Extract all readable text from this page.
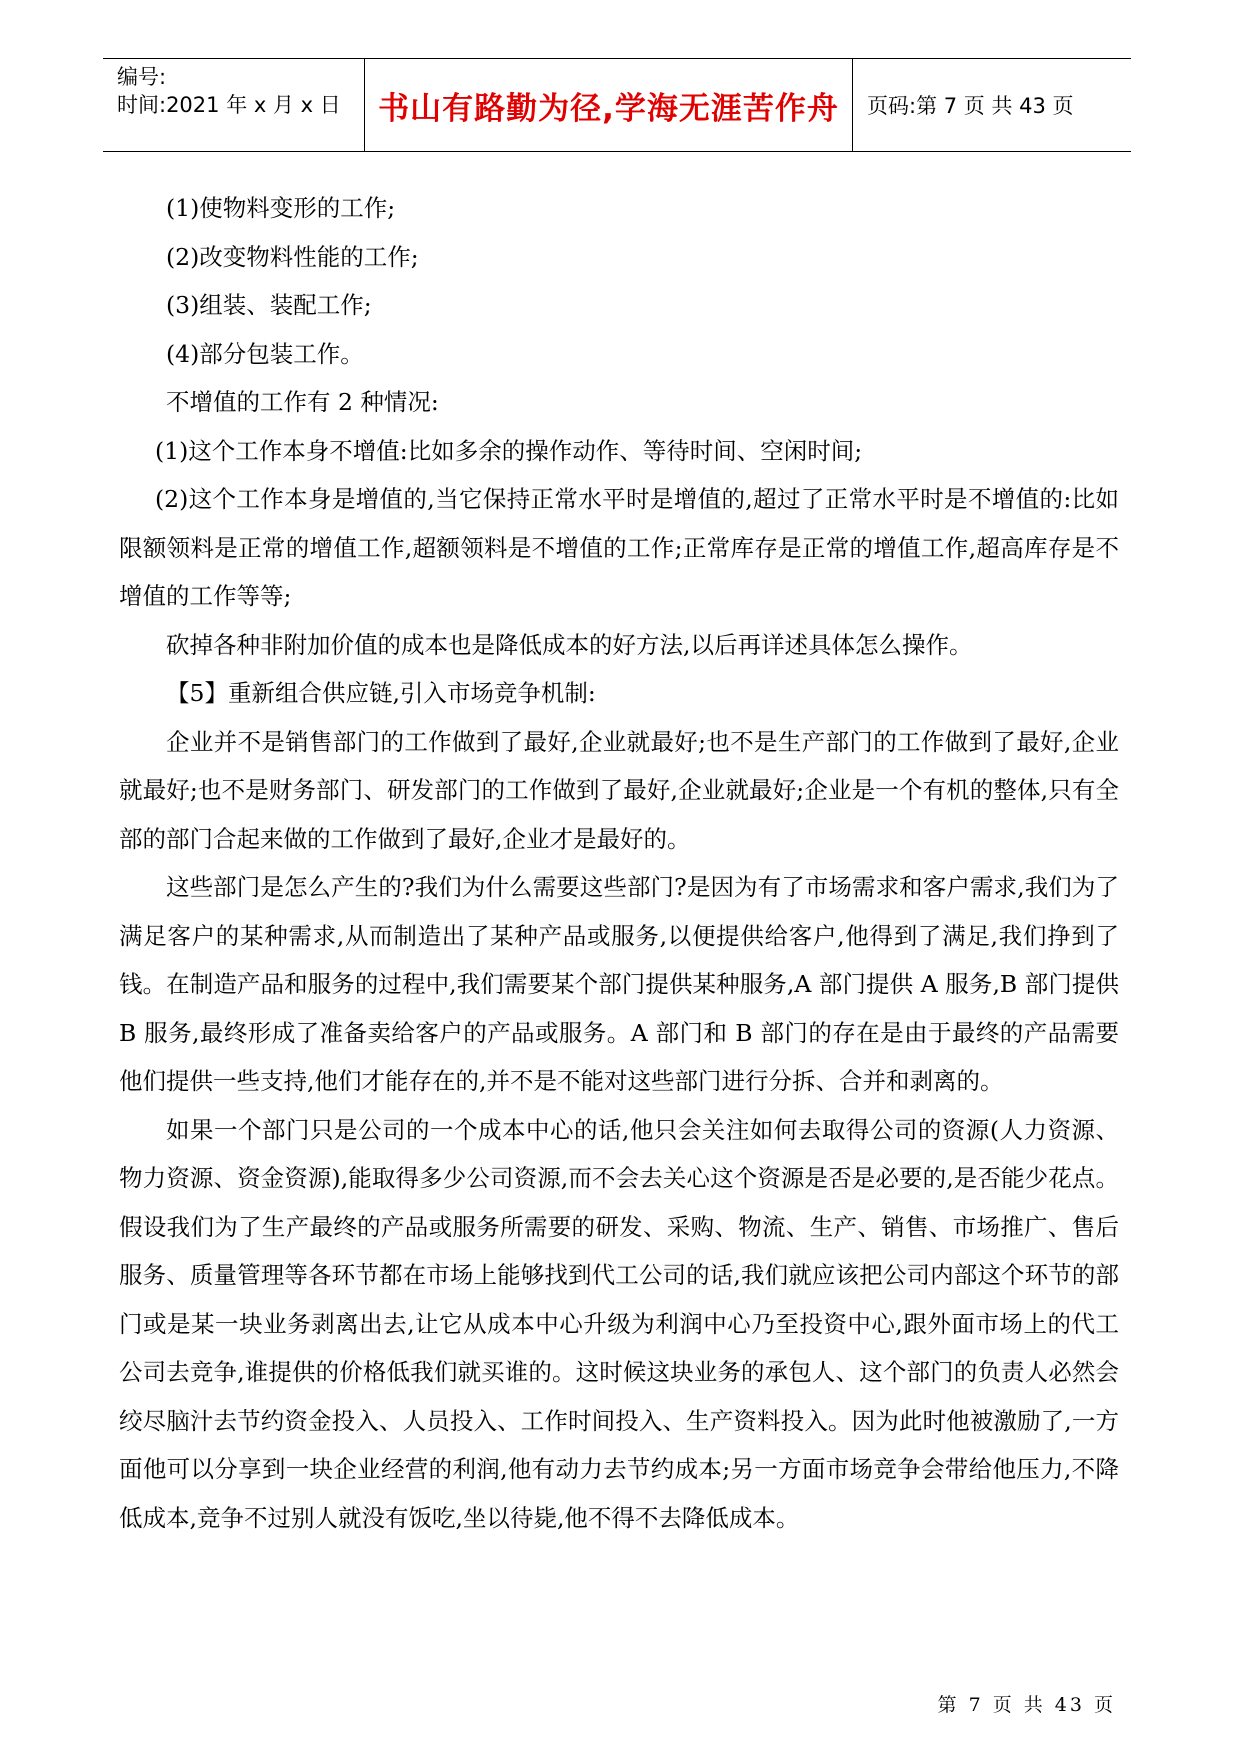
编号:
时间:2021 年 x 月 x 日	书山有路勤为径,学海无涯苦作舟	页码:第 7 页 共 43 页

(1)使物料变形的工作;

(2)改变物料性能的工作;

(3)组装、装配工作;

(4)部分包装工作。

不增值的工作有 2 种情况:

(1)这个工作本身不增值:比如多余的操作动作、等待时间、空闲时间;

(2)这个工作本身是增值的,当它保持正常水平时是增值的,超过了正常水平时是不增值的:比如限额领料是正常的增值工作,超额领料是不增值的工作;正常库存是正常的增值工作,超高库存是不增值的工作等等;

砍掉各种非附加价值的成本也是降低成本的好方法,以后再详述具体怎么操作。

【5】重新组合供应链,引入市场竞争机制:

企业并不是销售部门的工作做到了最好,企业就最好;也不是生产部门的工作做到了最好,企业就最好;也不是财务部门、研发部门的工作做到了最好,企业就最好;企业是一个有机的整体,只有全部的部门合起来做的工作做到了最好,企业才是最好的。

这些部门是怎么产生的?我们为什么需要这些部门?是因为有了市场需求和客户需求,我们为了满足客户的某种需求,从而制造出了某种产品或服务,以便提供给客户,他得到了满足,我们挣到了钱。在制造产品和服务的过程中,我们需要某个部门提供某种服务,A 部门提供 A 服务,B 部门提供 B 服务,最终形成了准备卖给客户的产品或服务。A 部门和 B 部门的存在是由于最终的产品需要他们提供一些支持,他们才能存在的,并不是不能对这些部门进行分拆、合并和剥离的。

如果一个部门只是公司的一个成本中心的话,他只会关注如何去取得公司的资源(人力资源、物力资源、资金资源),能取得多少公司资源,而不会去关心这个资源是否是必要的,是否能少花点。假设我们为了生产最终的产品或服务所需要的研发、采购、物流、生产、销售、市场推广、售后服务、质量管理等各环节都在市场上能够找到代工公司的话,我们就应该把公司内部这个环节的部门或是某一块业务剥离出去,让它从成本中心升级为利润中心乃至投资中心,跟外面市场上的代工公司去竞争,谁提供的价格低我们就买谁的。这时候这块业务的承包人、这个部门的负责人必然会绞尽脑汁去节约资金投入、人员投入、工作时间投入、生产资料投入。因为此时他被激励了,一方面他可以分享到一块企业经营的利润,他有动力去节约成本;另一方面市场竞争会带给他压力,不降低成本,竞争不过别人就没有饭吃,坐以待毙,他不得不去降低成本。

第 7 页 共 43 页
